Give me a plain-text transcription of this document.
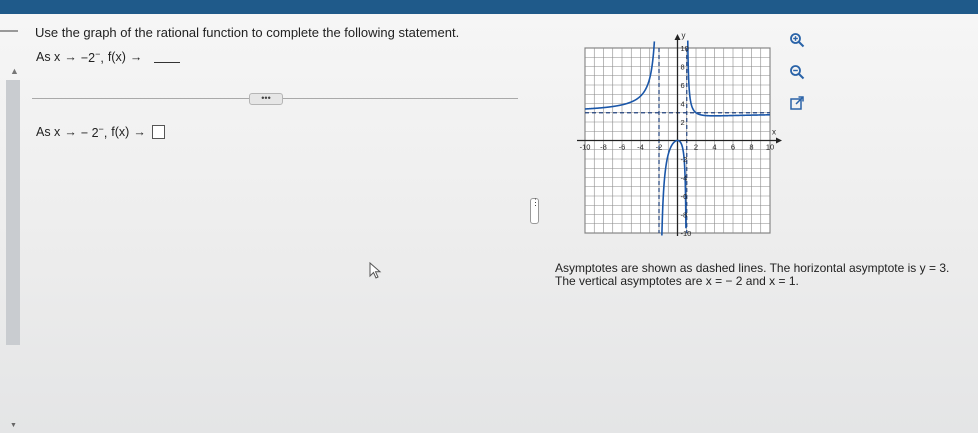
▲
Use the graph of the rational function to complete the following statement.
As x → −2−, f(x) →
•••
As x → − 2−, f(x) →
⋮
x
y
-10 -8 -6 -4 -2	2 4 6 8 10
10
8
6
4
2
-2
-4
-6
-8
-10
Asymptotes are shown as dashed lines. The horizontal asymptote is y = 3.
The vertical asymptotes are x = − 2 and x = 1.
▼
